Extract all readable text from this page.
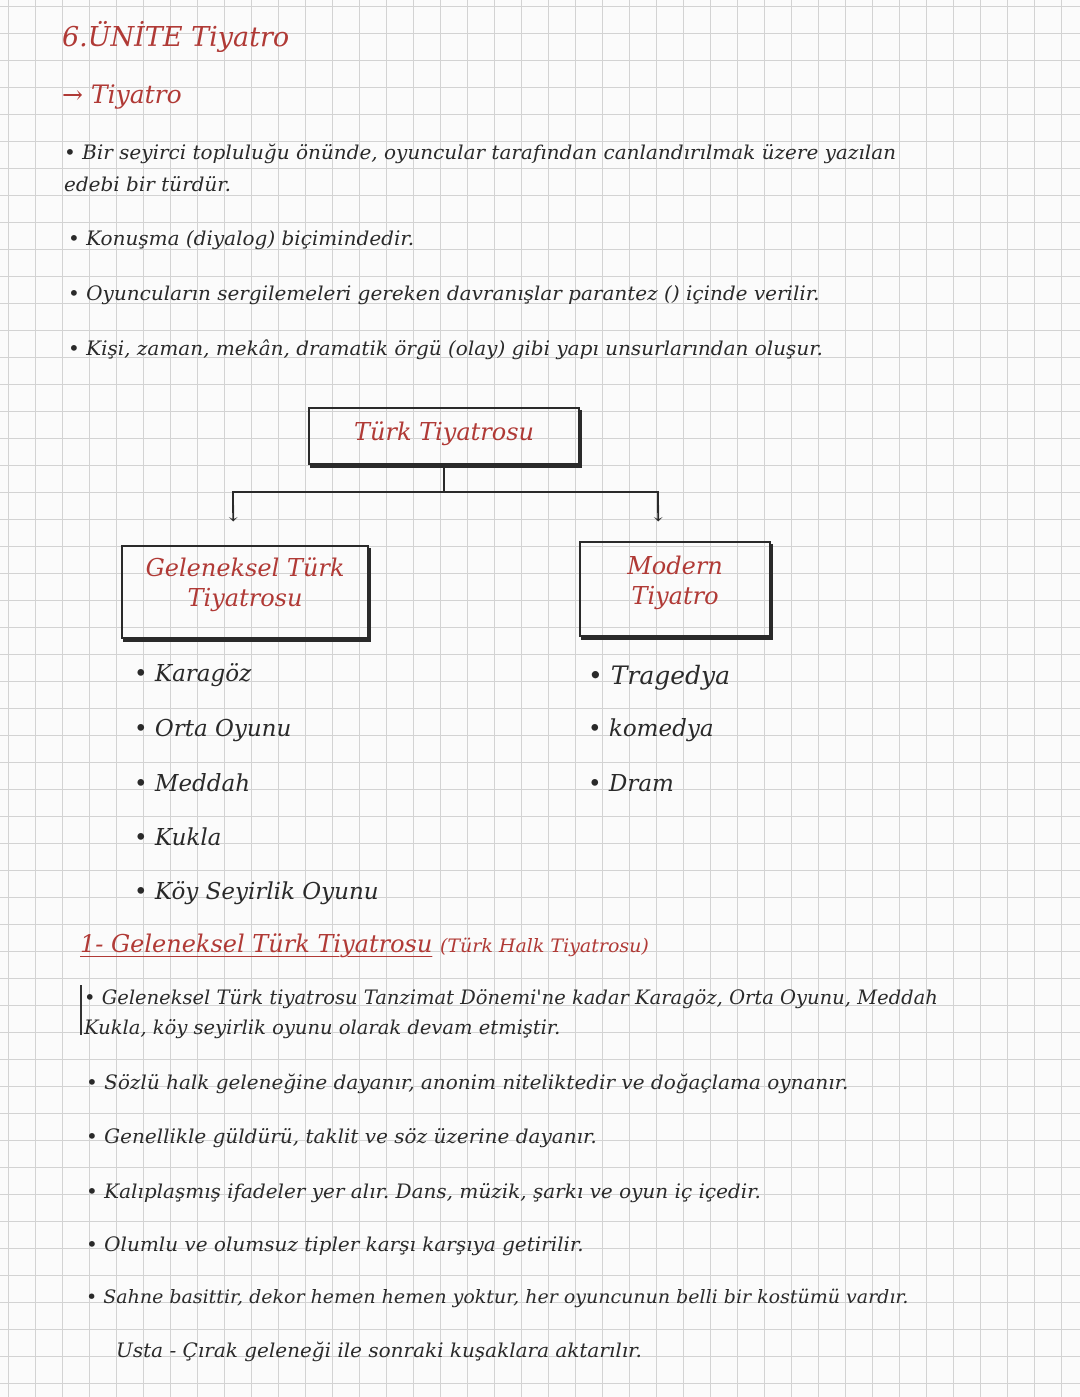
6.ÜNİTE Tiyatro
→ Tiyatro
• Bir seyirci topluluğu önünde, oyuncular tarafından canlandırılmak üzere yazılan
edebi bir türdür.
• Konuşma (diyalog) biçimindedir.
• Oyuncuların sergilemeleri gereken davranışlar parantez () içinde verilir.
• Kişi, zaman, mekân, dramatik örgü (olay) gibi yapı unsurlarından oluşur.
Türk Tiyatrosu
↓	↓
Geleneksel Türk
Tiyatrosu
Modern
Tiyatro
• Karagöz
• Orta Oyunu
• Meddah
• Kukla
• Köy Seyirlik Oyunu
• Tragedya
• komedya
• Dram
1- Geleneksel Türk Tiyatrosu (Türk Halk Tiyatrosu)
• Geleneksel Türk tiyatrosu Tanzimat Dönemi'ne kadar Karagöz, Orta Oyunu, Meddah
Kukla, köy seyirlik oyunu olarak devam etmiştir.
• Sözlü halk geleneğine dayanır, anonim niteliktedir ve doğaçlama oynanır.
• Genellikle güldürü, taklit ve söz üzerine dayanır.
• Kalıplaşmış ifadeler yer alır. Dans, müzik, şarkı ve oyun iç içedir.
• Olumlu ve olumsuz tipler karşı karşıya getirilir.
• Sahne basittir, dekor hemen hemen yoktur, her oyuncunun belli bir kostümü vardır.
Usta - Çırak geleneği ile sonraki kuşaklara aktarılır.
